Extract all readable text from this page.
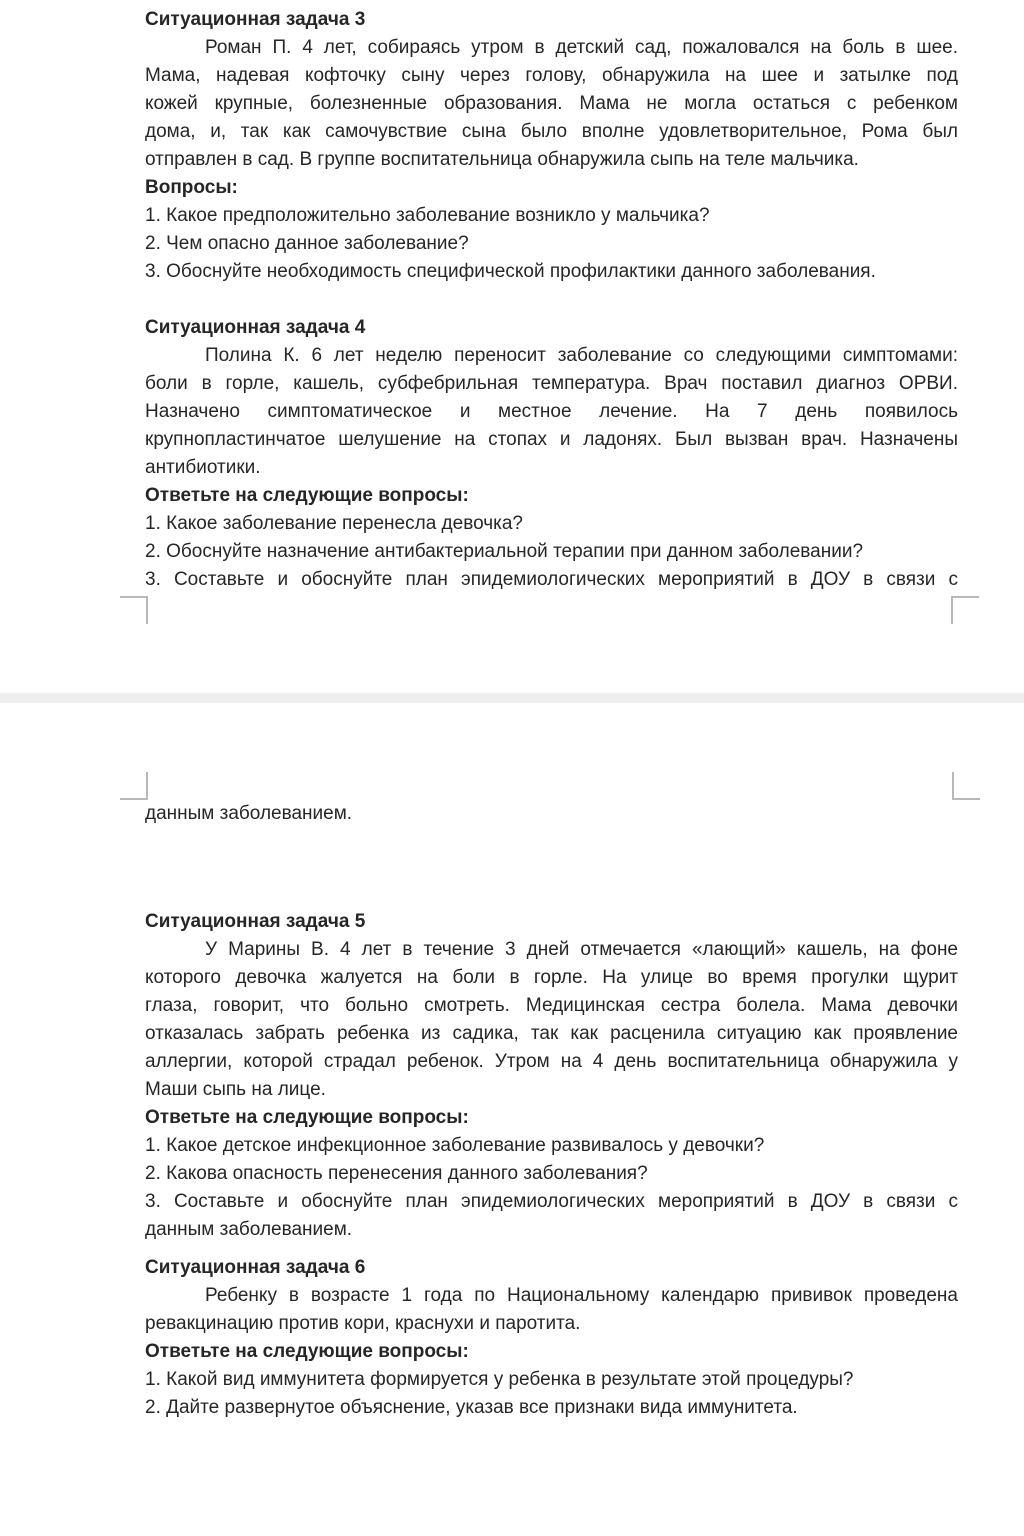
Ситуационная задача 3
Роман П. 4 лет, собираясь утром в детский сад, пожаловался на боль в шее.
Мама, надевая кофточку сыну через голову, обнаружила на шее и затылке под
кожей крупные, болезненные образования. Мама не могла остаться с ребенком
дома, и, так как самочувствие сына было вполне удовлетворительное, Рома был
отправлен в сад. В группе воспитательница обнаружила сыпь на теле мальчика.
Вопросы:
1. Какое предположительно заболевание возникло у мальчика?
2. Чем опасно данное заболевание?
3. Обоснуйте необходимость специфической профилактики данного заболевания.
Ситуационная задача 4
Полина К. 6 лет неделю переносит заболевание со следующими симптомами:
боли в горле, кашель, субфебрильная температура. Врач поставил диагноз ОРВИ.
Назначено симптоматическое и местное лечение. На 7 день появилось
крупнопластинчатое шелушение на стопах и ладонях. Был вызван врач. Назначены
антибиотики.
Ответьте на следующие вопросы:
1. Какое заболевание перенесла девочка?
2. Обоснуйте назначение антибактериальной терапии при данном заболевании?
3. Составьте и обоснуйте план эпидемиологических мероприятий в ДОУ в связи с
данным заболеванием.
Ситуационная задача 5
У Марины В. 4 лет в течение 3 дней отмечается «лающий» кашель, на фоне
которого девочка жалуется на боли в горле. На улице во время прогулки щурит
глаза, говорит, что больно смотреть. Медицинская сестра болела. Мама девочки
отказалась забрать ребенка из садика, так как расценила ситуацию как проявление
аллергии, которой страдал ребенок. Утром на 4 день воспитательница обнаружила у
Маши сыпь на лице.
Ответьте на следующие вопросы:
1. Какое детское инфекционное заболевание развивалось у девочки?
2. Какова опасность перенесения данного заболевания?
3. Составьте и обоснуйте план эпидемиологических мероприятий в ДОУ в связи с
данным заболеванием.
Ситуационная задача 6
Ребенку в возрасте 1 года по Национальному календарю прививок проведена
ревакцинацию против кори, краснухи и паротита.
Ответьте на следующие вопросы:
1. Какой вид иммунитета формируется у ребенка в результате этой процедуры?
2. Дайте развернутое объяснение, указав все признаки вида иммунитета.
